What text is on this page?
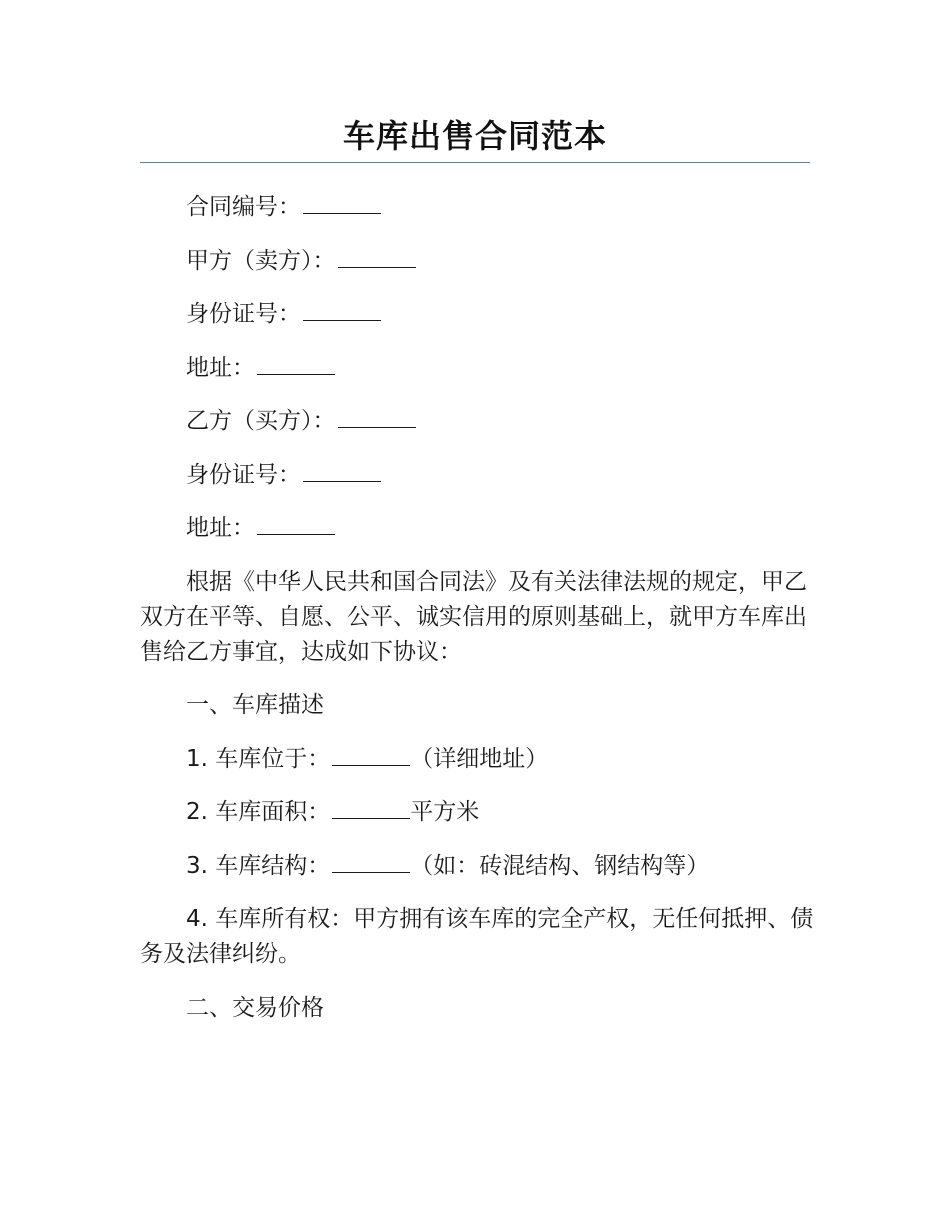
车库出售合同范本

合同编号：

甲方（卖方）：

身份证号：

地址：

乙方（买方）：

身份证号：

地址：

根据《中华人民共和国合同法》及有关法律法规的规定，甲乙双方在平等、自愿、公平、诚实信用的原则基础上，就甲方车库出售给乙方事宜，达成如下协议：

一、车库描述

1. 车库位于：	（详细地址）

2. 车库面积：	平方米

3. 车库结构：	（如：砖混结构、钢结构等）

4. 车库所有权：甲方拥有该车库的完全产权，无任何抵押、债务及法律纠纷。

二、交易价格
